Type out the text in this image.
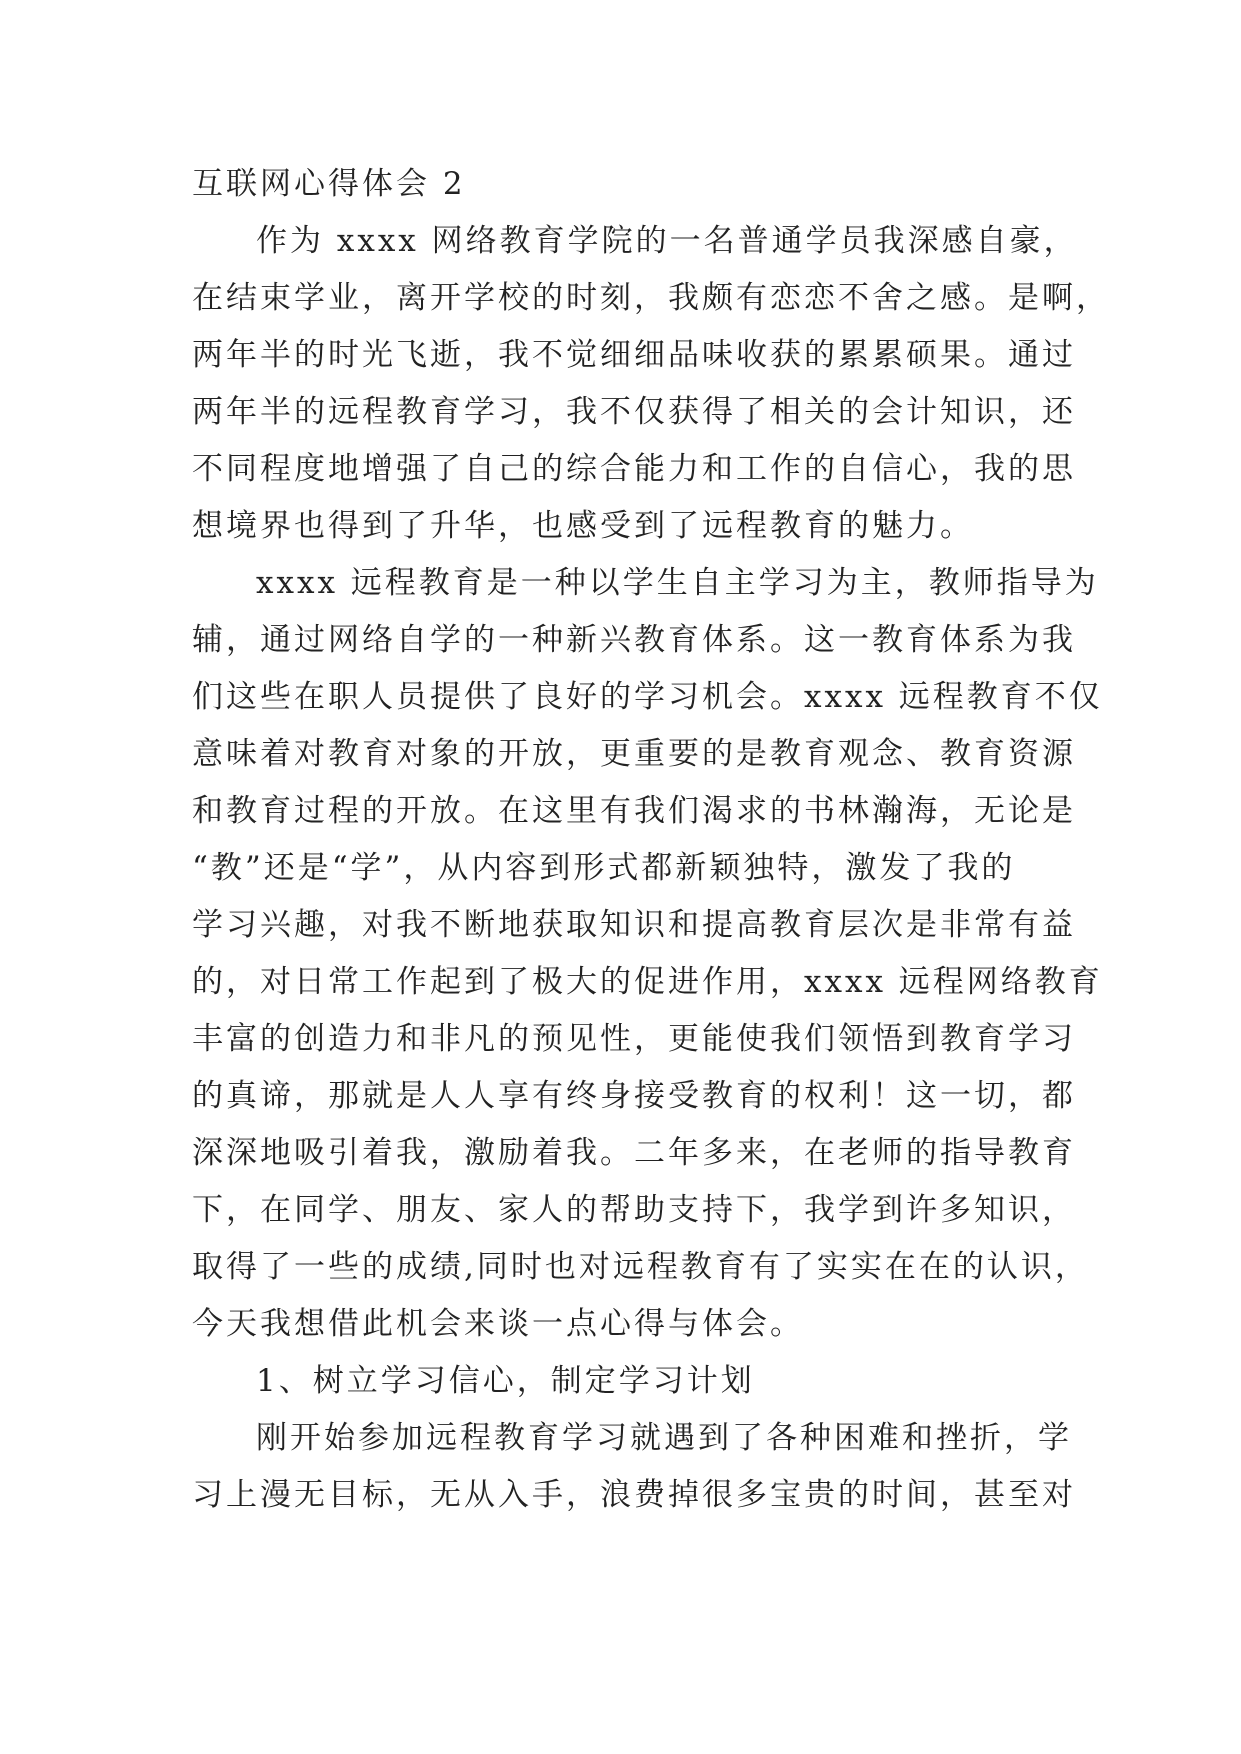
互联网心得体会 2
作为 xxxx 网络教育学院的一名普通学员我深感自豪，
在结束学业，离开学校的时刻，我颇有恋恋不舍之感。是啊，
两年半的时光飞逝，我不觉细细品味收获的累累硕果。通过
两年半的远程教育学习，我不仅获得了相关的会计知识，还
不同程度地增强了自己的综合能力和工作的自信心，我的思
想境界也得到了升华，也感受到了远程教育的魅力。
xxxx 远程教育是一种以学生自主学习为主，教师指导为
辅，通过网络自学的一种新兴教育体系。这一教育体系为我
们这些在职人员提供了良好的学习机会。xxxx 远程教育不仅
意味着对教育对象的开放，更重要的是教育观念、教育资源
和教育过程的开放。在这里有我们渴求的书林瀚海，无论是
“教”还是“学”，从内容到形式都新颖独特，激发了我的
学习兴趣，对我不断地获取知识和提高教育层次是非常有益
的，对日常工作起到了极大的促进作用，xxxx 远程网络教育
丰富的创造力和非凡的预见性，更能使我们领悟到教育学习
的真谛，那就是人人享有终身接受教育的权利！这一切，都
深深地吸引着我，激励着我。二年多来，在老师的指导教育
下，在同学、朋友、家人的帮助支持下，我学到许多知识，
取得了一些的成绩,同时也对远程教育有了实实在在的认识，
今天我想借此机会来谈一点心得与体会。
1、树立学习信心，制定学习计划
刚开始参加远程教育学习就遇到了各种困难和挫折，学
习上漫无目标，无从入手，浪费掉很多宝贵的时间，甚至对
